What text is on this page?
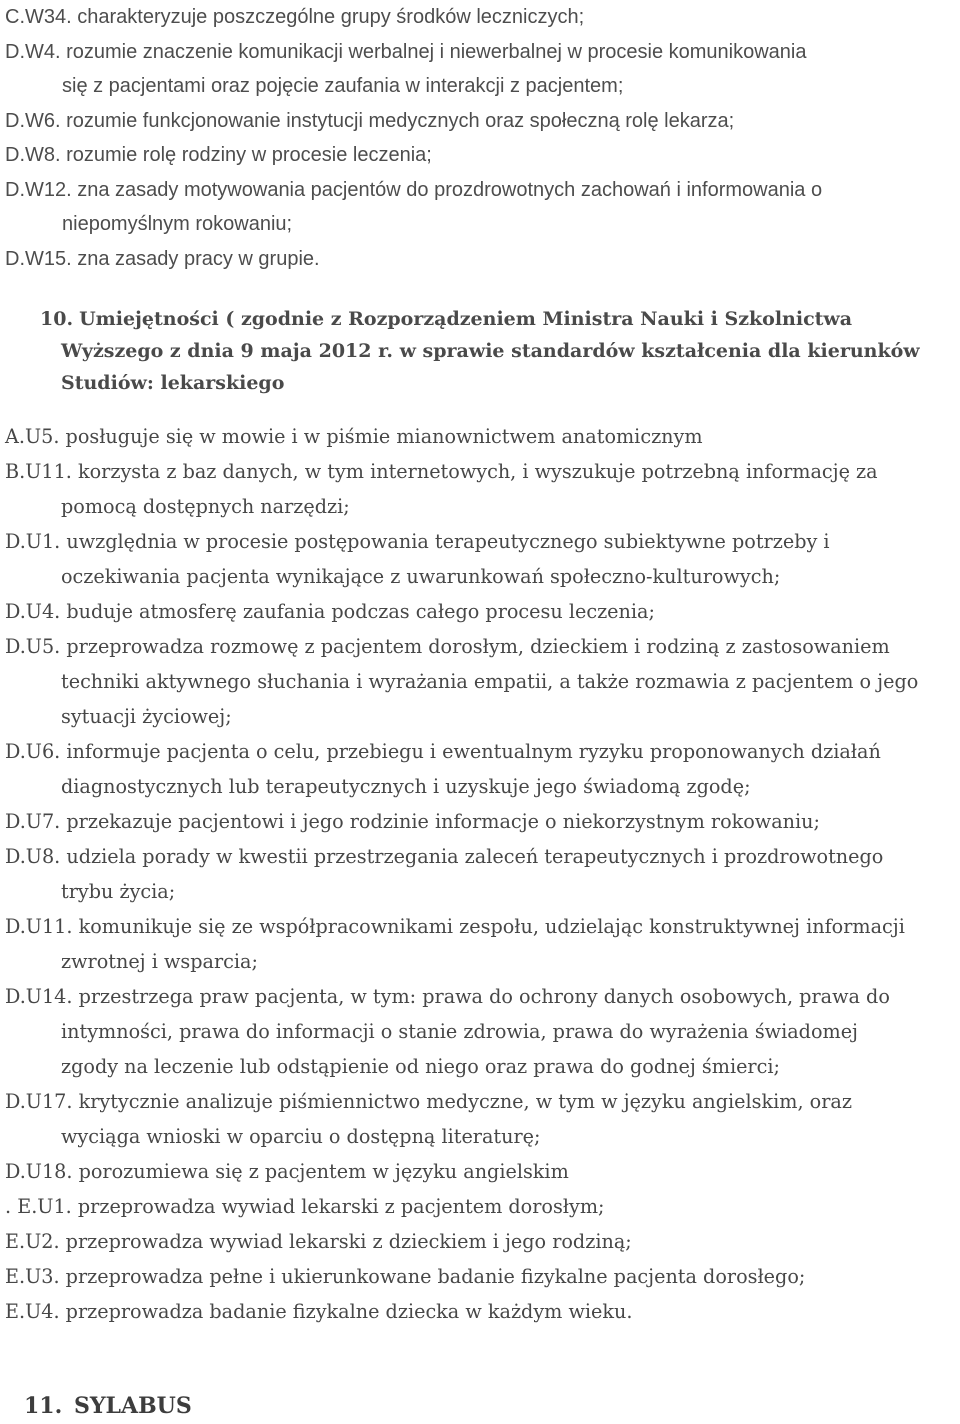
C.W34. charakteryzuje poszczególne grupy środków leczniczych;
D.W4. rozumie znaczenie komunikacji werbalnej i niewerbalnej w procesie komunikowania
się z pacjentami oraz pojęcie zaufania w interakcji z pacjentem;
D.W6. rozumie funkcjonowanie instytucji medycznych oraz społeczną rolę lekarza;
D.W8. rozumie rolę rodziny w procesie leczenia;
D.W12. zna zasady motywowania pacjentów do prozdrowotnych zachowań i informowania o
niepomyślnym rokowaniu;
D.W15. zna zasady pracy w grupie.
10. Umiejętności ( zgodnie z Rozporządzeniem Ministra Nauki i Szkolnictwa
Wyższego z dnia 9 maja 2012 r. w sprawie standardów kształcenia dla kierunków
Studiów: lekarskiego
A.U5. posługuje się w mowie i w piśmie mianownictwem anatomicznym
B.U11. korzysta z baz danych, w tym internetowych, i wyszukuje potrzebną informację za
pomocą dostępnych narzędzi;
D.U1. uwzględnia w procesie postępowania terapeutycznego subiektywne potrzeby i
oczekiwania pacjenta wynikające z uwarunkowań społeczno-kulturowych;
D.U4. buduje atmosferę zaufania podczas całego procesu leczenia;
D.U5. przeprowadza rozmowę z pacjentem dorosłym, dzieckiem i rodziną z zastosowaniem
techniki aktywnego słuchania i wyrażania empatii, a także rozmawia z pacjentem o jego
sytuacji życiowej;
D.U6. informuje pacjenta o celu, przebiegu i ewentualnym ryzyku proponowanych działań
diagnostycznych lub terapeutycznych i uzyskuje jego świadomą zgodę;
D.U7. przekazuje pacjentowi i jego rodzinie informacje o niekorzystnym rokowaniu;
D.U8. udziela porady w kwestii przestrzegania zaleceń terapeutycznych i prozdrowotnego
trybu życia;
D.U11. komunikuje się ze współpracownikami zespołu, udzielając konstruktywnej informacji
zwrotnej i wsparcia;
D.U14. przestrzega praw pacjenta, w tym: prawa do ochrony danych osobowych, prawa do
intymności, prawa do informacji o stanie zdrowia, prawa do wyrażenia świadomej
zgody na leczenie lub odstąpienie od niego oraz prawa do godnej śmierci;
D.U17. krytycznie analizuje piśmiennictwo medyczne, w tym w języku angielskim, oraz
wyciąga wnioski w oparciu o dostępną literaturę;
D.U18. porozumiewa się z pacjentem w języku angielskim
. E.U1. przeprowadza wywiad lekarski z pacjentem dorosłym;
E.U2. przeprowadza wywiad lekarski z dzieckiem i jego rodziną;
E.U3. przeprowadza pełne i ukierunkowane badanie fizykalne pacjenta dorosłego;
E.U4. przeprowadza badanie fizykalne dziecka w każdym wieku.
11. SYLABUS
